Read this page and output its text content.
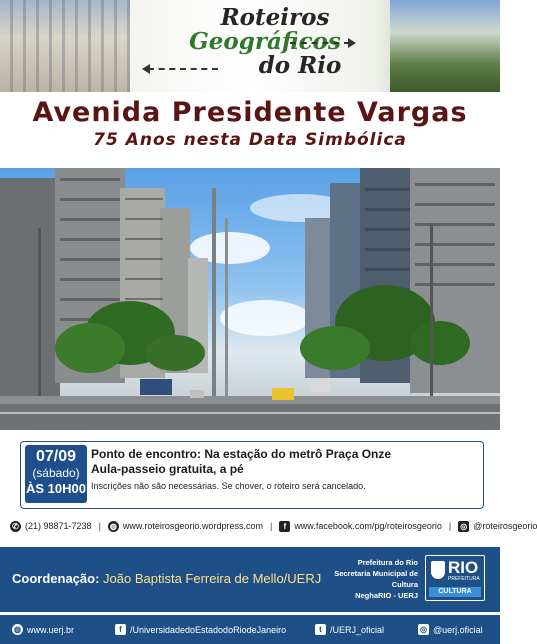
Roteiros
Geográficos
do Rio
Avenida Presidente Vargas
75 Anos nesta Data Simbólica
07/09
(sábado)
ÀS 10H00
Ponto de encontro: Na estação do metrô Praça Onze
Aula-passeio gratuita, a pé
Inscrições não são necessárias. Se chover, o roteiro será cancelado.
✆ (21) 98871-7238 | ◍ www.roteirosgeorio.wordpress.com |	f www.facebook.com/pg/roteirosgeorio | ◎ @roteirosgeorio
Coordenação: João Baptista Ferreira de Mello/UERJ
Prefeitura do Rio
Secretaria Municipal de Cultura
NeghaRIO - UERJ
RIO
PREFEITURA
CULTURA
◍ www.uerj.br	f /UniversidadedoEstadodoRiodeJaneiro	t /UERJ_oficial	◎ @uerj.oficial
